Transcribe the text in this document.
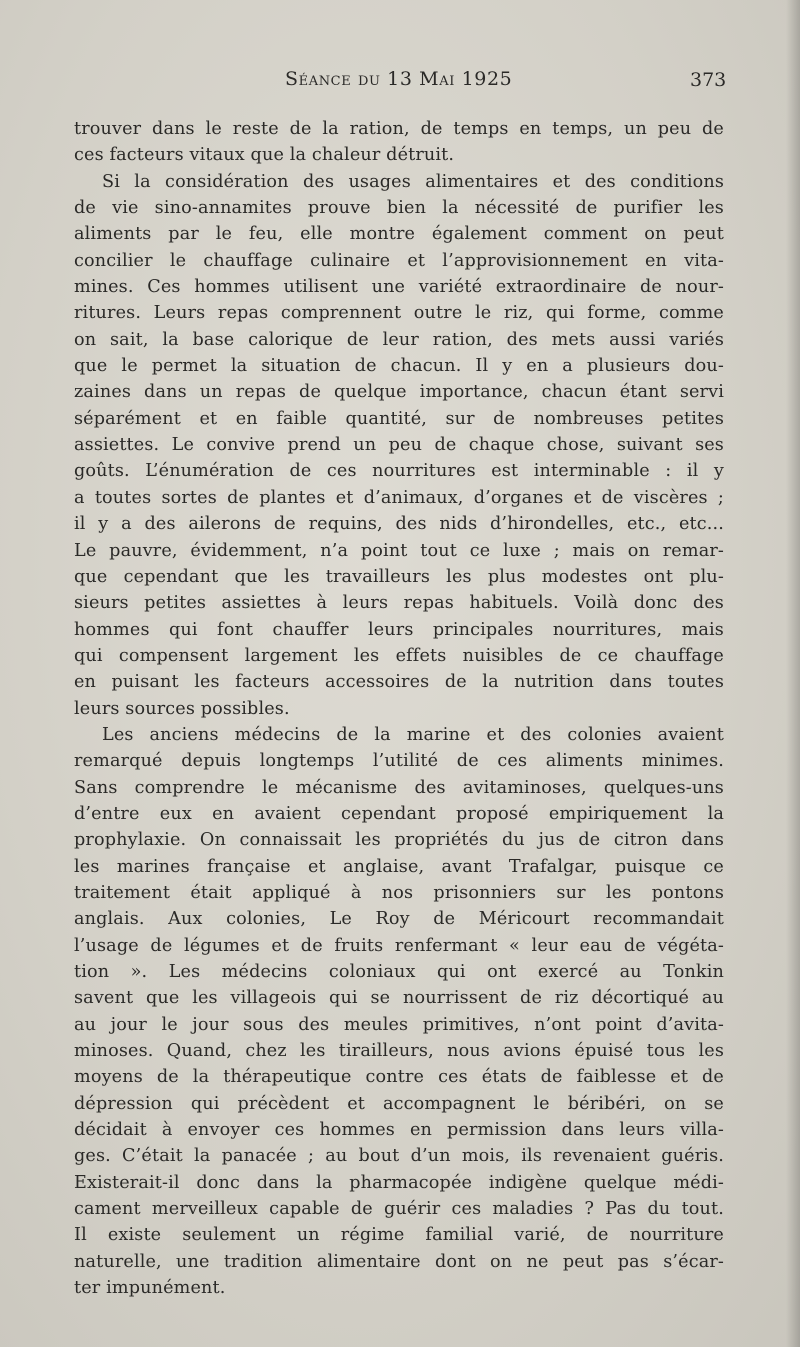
Séance du 13 Mai 1925	373
trouver dans le reste de la ration, de temps en temps, un peu de
ces facteurs vitaux que la chaleur détruit.
Si la considération des usages alimentaires et des conditions
de vie sino-annamites prouve bien la nécessité de purifier les
aliments par le feu, elle montre également comment on peut
concilier le chauffage culinaire et l’approvisionnement en vita-
mines. Ces hommes utilisent une variété extraordinaire de nour-
ritures. Leurs repas comprennent outre le riz, qui forme, comme
on sait, la base calorique de leur ration, des mets aussi variés
que le permet la situation de chacun. Il y en a plusieurs dou-
zaines dans un repas de quelque importance, chacun étant servi
séparément et en faible quantité, sur de nombreuses petites
assiettes. Le convive prend un peu de chaque chose, suivant ses
goûts. L’énumération de ces nourritures est interminable : il y
a toutes sortes de plantes et d’animaux, d’organes et de viscères ;
il y a des ailerons de requins, des nids d’hirondelles, etc., etc...
Le pauvre, évidemment, n’a point tout ce luxe ; mais on remar-
que cependant que les travailleurs les plus modestes ont plu-
sieurs petites assiettes à leurs repas habituels. Voilà donc des
hommes qui font chauffer leurs principales nourritures, mais
qui compensent largement les effets nuisibles de ce chauffage
en puisant les facteurs accessoires de la nutrition dans toutes
leurs sources possibles.
Les anciens médecins de la marine et des colonies avaient
remarqué depuis longtemps l’utilité de ces aliments minimes.
Sans comprendre le mécanisme des avitaminoses, quelques-uns
d’entre eux en avaient cependant proposé empiriquement la
prophylaxie. On connaissait les propriétés du jus de citron dans
les marines française et anglaise, avant Trafalgar, puisque ce
traitement était appliqué à nos prisonniers sur les pontons
anglais. Aux colonies, Le Roy de Méricourt recommandait
l’usage de légumes et de fruits renfermant « leur eau de végéta-
tion ». Les médecins coloniaux qui ont exercé au Tonkin
savent que les villageois qui se nourrissent de riz décortiqué au
au jour le jour sous des meules primitives, n’ont point d’avita-
minoses. Quand, chez les tirailleurs, nous avions épuisé tous les
moyens de la thérapeutique contre ces états de faiblesse et de
dépression qui précèdent et accompagnent le béribéri, on se
décidait à envoyer ces hommes en permission dans leurs villa-
ges. C’était la panacée ; au bout d’un mois, ils revenaient guéris.
Existerait-il donc dans la pharmacopée indigène quelque médi-
cament merveilleux capable de guérir ces maladies ? Pas du tout.
Il existe seulement un régime familial varié, de nourriture
naturelle, une tradition alimentaire dont on ne peut pas s’écar-
ter impunément.
